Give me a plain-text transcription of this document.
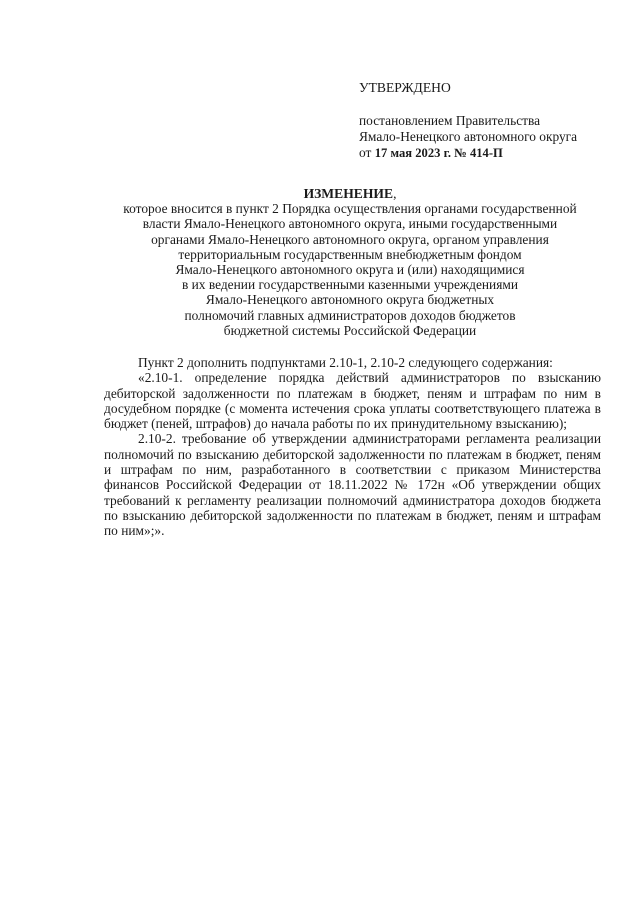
УТВЕРЖДЕНО

постановлением Правительства

Ямало-Ненецкого автономного округа

от 17 мая 2023 г. № 414-П

ИЗМЕНЕНИЕ,

которое вносится в пункт 2 Порядка осуществления органами государственной

власти Ямало-Ненецкого автономного округа, иными государственными

органами Ямало-Ненецкого автономного округа, органом управления

территориальным государственным внебюджетным фондом

Ямало-Ненецкого автономного округа и (или) находящимися

в их ведении государственными казенными учреждениями

Ямало-Ненецкого автономного округа бюджетных

полномочий главных администраторов доходов бюджетов

бюджетной системы Российской Федерации

Пункт 2 дополнить подпунктами 2.10-1, 2.10-2 следующего содержания:

«2.10-1. определение порядка действий администраторов по взысканию дебиторской задолженности по платежам в бюджет, пеням и штрафам по ним в досудебном порядке (с момента истечения срока уплаты соответствующего платежа в бюджет (пеней, штрафов) до начала работы по их принудительному взысканию);

2.10-2. требование об утверждении администраторами регламента реализации полномочий по взысканию дебиторской задолженности по платежам в бюджет, пеням и штрафам по ним, разработанного в соответствии с приказом Министерства финансов Российской Федерации от 18.11.2022 № 172н «Об утверждении общих требований к регламенту реализации полномочий администратора доходов бюджета по взысканию дебиторской задолженности по платежам в бюджет, пеням и штрафам по ним»;».
